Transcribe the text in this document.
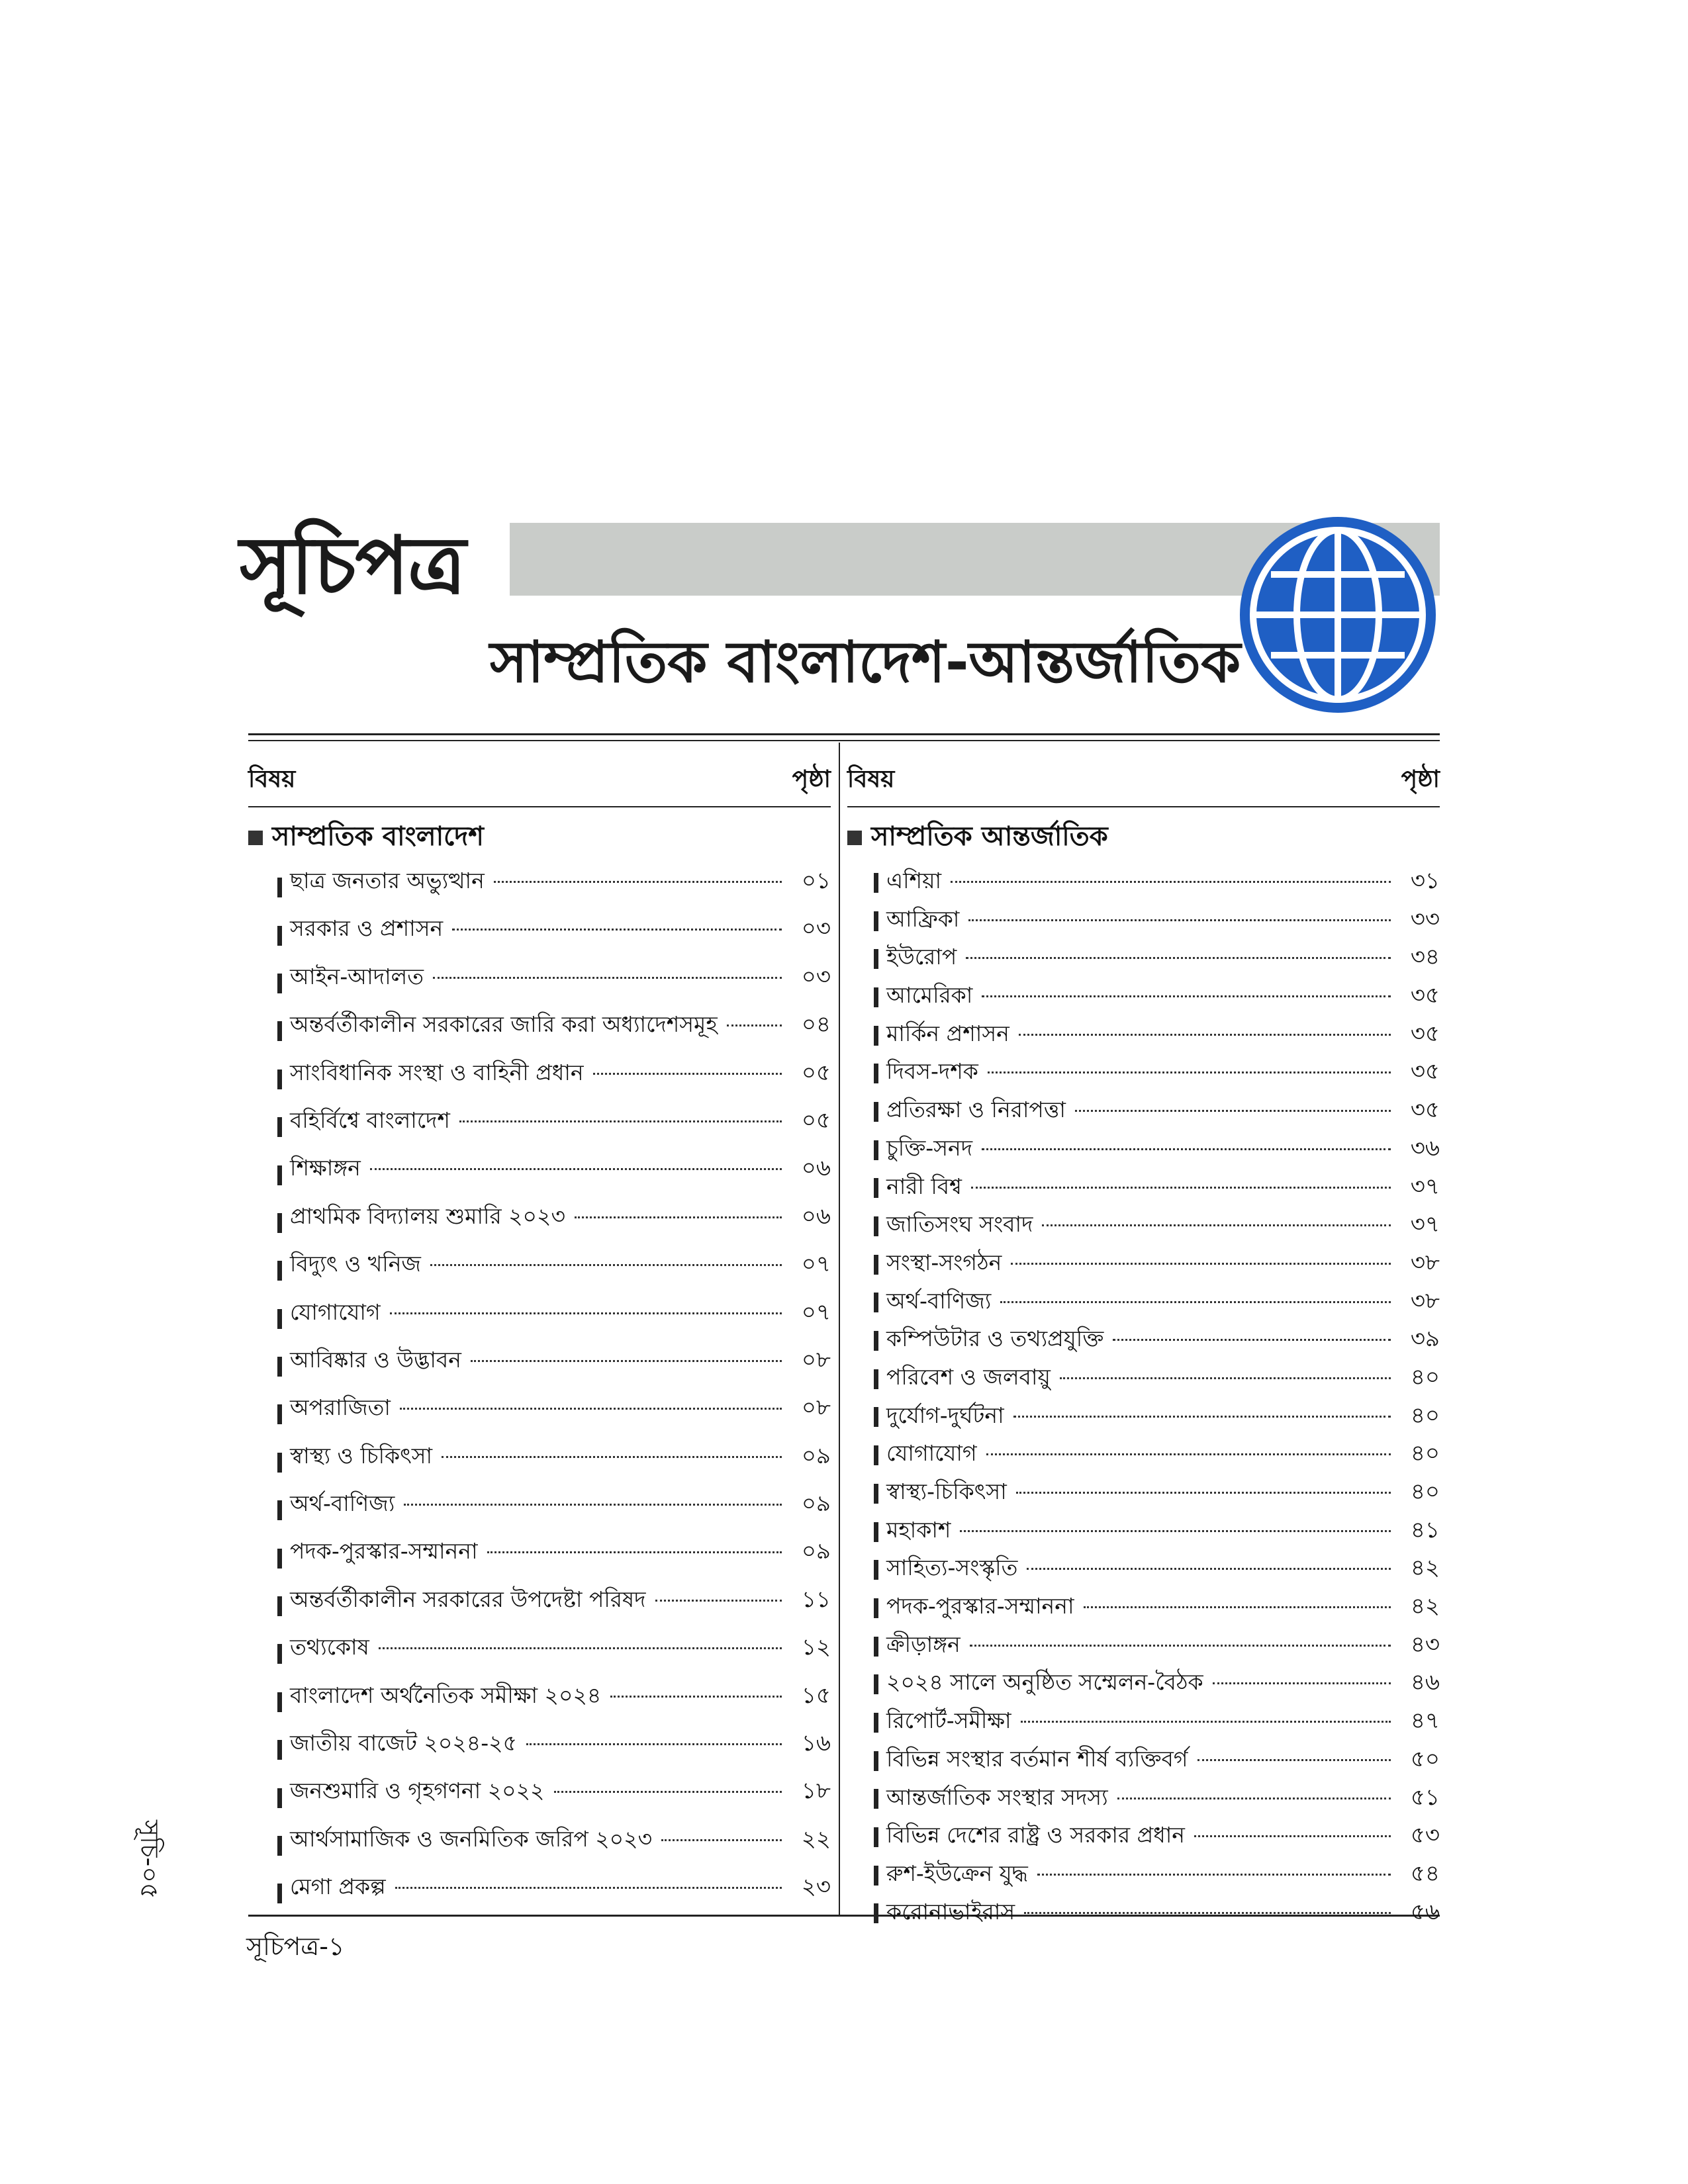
সূচিপত্র
সাম্প্রতিক বাংলাদেশ-আন্তর্জাতিক
বিষয়	পৃষ্ঠা
সাম্প্রতিক বাংলাদেশ
ছাত্র জনতার অভ্যুত্থান	০১
সরকার ও প্রশাসন	০৩
আইন-আদালত	০৩
অন্তর্বর্তীকালীন সরকারের জারি করা অধ্যাদেশসমূহ	০৪
সাংবিধানিক সংস্থা ও বাহিনী প্রধান	০৫
বহির্বিশ্বে বাংলাদেশ	০৫
শিক্ষাঙ্গন	০৬
প্রাথমিক বিদ্যালয় শুমারি ২০২৩	০৬
বিদ্যুৎ ও খনিজ	০৭
যোগাযোগ	০৭
আবিষ্কার ও উদ্ভাবন	০৮
অপরাজিতা	০৮
স্বাস্থ্য ও চিকিৎসা	০৯
অর্থ-বাণিজ্য	০৯
পদক-পুরস্কার-সম্মাননা	০৯
অন্তর্বর্তীকালীন সরকারের উপদেষ্টা পরিষদ	১১
তথ্যকোষ	১২
বাংলাদেশ অর্থনৈতিক সমীক্ষা ২০২৪	১৫
জাতীয় বাজেট ২০২৪-২৫	১৬
জনশুমারি ও গৃহগণনা ২০২২	১৮
আর্থসামাজিক ও জনমিতিক জরিপ ২০২৩	২২
মেগা প্রকল্প	২৩
বিষয়	পৃষ্ঠা
সাম্প্রতিক আন্তর্জাতিক
এশিয়া	৩১
আফ্রিকা	৩৩
ইউরোপ	৩৪
আমেরিকা	৩৫
মার্কিন প্রশাসন	৩৫
দিবস-দশক	৩৫
প্রতিরক্ষা ও নিরাপত্তা	৩৫
চুক্তি-সনদ	৩৬
নারী বিশ্ব	৩৭
জাতিসংঘ সংবাদ	৩৭
সংস্থা-সংগঠন	৩৮
অর্থ-বাণিজ্য	৩৮
কম্পিউটার ও তথ্যপ্রযুক্তি	৩৯
পরিবেশ ও জলবায়ু	৪০
দুর্যোগ-দুর্ঘটনা	৪০
যোগাযোগ	৪০
স্বাস্থ্য-চিকিৎসা	৪০
মহাকাশ	৪১
সাহিত্য-সংস্কৃতি	৪২
পদক-পুরস্কার-সম্মাননা	৪২
ক্রীড়াঙ্গন	৪৩
২০২৪ সালে অনুষ্ঠিত সম্মেলন-বৈঠক	৪৬
রিপোর্ট-সমীক্ষা	৪৭
বিভিন্ন সংস্থার বর্তমান শীর্ষ ব্যক্তিবর্গ	৫০
আন্তর্জাতিক সংস্থার সদস্য	৫১
বিভিন্ন দেশের রাষ্ট্র ও সরকার প্রধান	৫৩
রুশ-ইউক্রেন যুদ্ধ	৫৪
করোনাভাইরাস	৫৬
সূচি-০৫
সূচিপত্র-১
